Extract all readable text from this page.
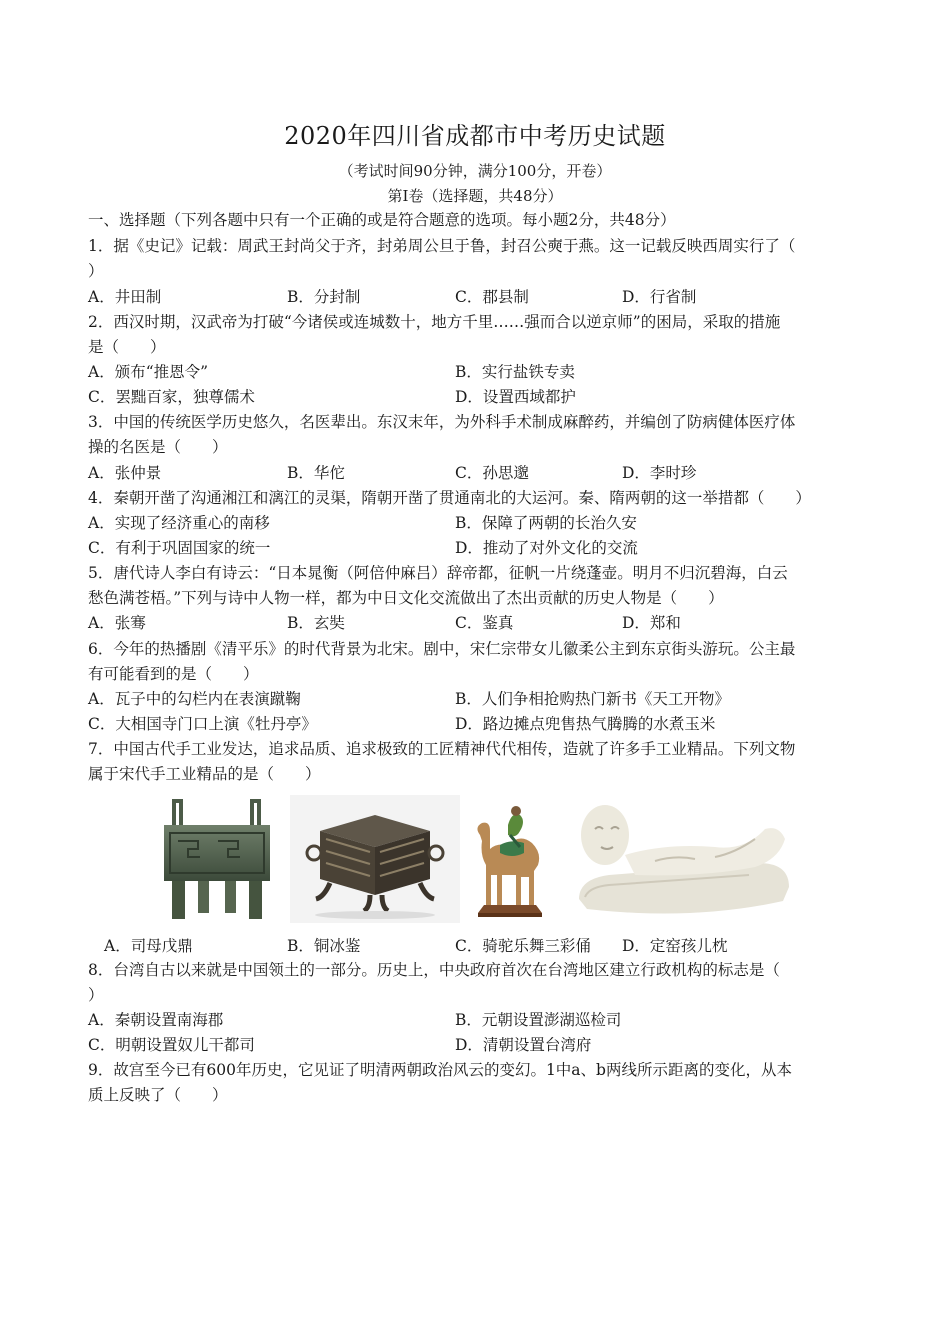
2020年四川省成都市中考历史试题
（考试时间90分钟，满分100分，开卷）
第Ⅰ卷（选择题，共48分）
一、选择题（下列各题中只有一个正确的或是符合题意的选项。每小题2分，共48分）
1．据《史记》记载：周武王封尚父于齐，封弟周公旦于鲁，封召公奭于燕。这一记载反映西周实行了（
）
A．井田制	B．分封制	C．郡县制	D．行省制
2．西汉时期，汉武帝为打破“今诸侯或连城数十，地方千里……强而合以逆京师”的困局，采取的措施
是（　　）
A．颁布“推恩令”	B．实行盐铁专卖
C．罢黜百家，独尊儒术	D．设置西域都护
3．中国的传统医学历史悠久，名医辈出。东汉末年，为外科手术制成麻醉药，并编创了防病健体医疗体
操的名医是（　　）
A．张仲景	B．华佗	C．孙思邈	D．李时珍
4．秦朝开凿了沟通湘江和漓江的灵渠，隋朝开凿了贯通南北的大运河。秦、隋两朝的这一举措都（　　）
A．实现了经济重心的南移	B．保障了两朝的长治久安
C．有利于巩固国家的统一	D．推动了对外文化的交流
5．唐代诗人李白有诗云：“日本晁衡（阿倍仲麻吕）辞帝都，征帆一片绕蓬壶。明月不归沉碧海，白云
愁色满苍梧。”下列与诗中人物一样，都为中日文化交流做出了杰出贡献的历史人物是（　　）
A．张骞	B．玄奘	C．鉴真	D．郑和
6．今年的热播剧《清平乐》的时代背景为北宋。剧中，宋仁宗带女儿徽柔公主到东京街头游玩。公主最
有可能看到的是（　　）
A．瓦子中的勾栏内在表演蹴鞠	B．人们争相抢购热门新书《天工开物》
C．大相国寺门口上演《牡丹亭》	D．路边摊点兜售热气腾腾的水煮玉米
7．中国古代手工业发达，追求品质、追求极致的工匠精神代代相传，造就了许多手工业精品。下列文物
属于宋代手工业精品的是（　　）
A．司母戊鼎	B．铜冰鉴	C．骑驼乐舞三彩俑 D．定窑孩儿枕
8．台湾自古以来就是中国领土的一部分。历史上，中央政府首次在台湾地区建立行政机构的标志是（
）
A．秦朝设置南海郡	B．元朝设置澎湖巡检司
C．明朝设置奴儿干都司	D．清朝设置台湾府
9．故宫至今已有600年历史，它见证了明清两朝政治风云的变幻。1中a、b两线所示距离的变化，从本
质上反映了（　　）
